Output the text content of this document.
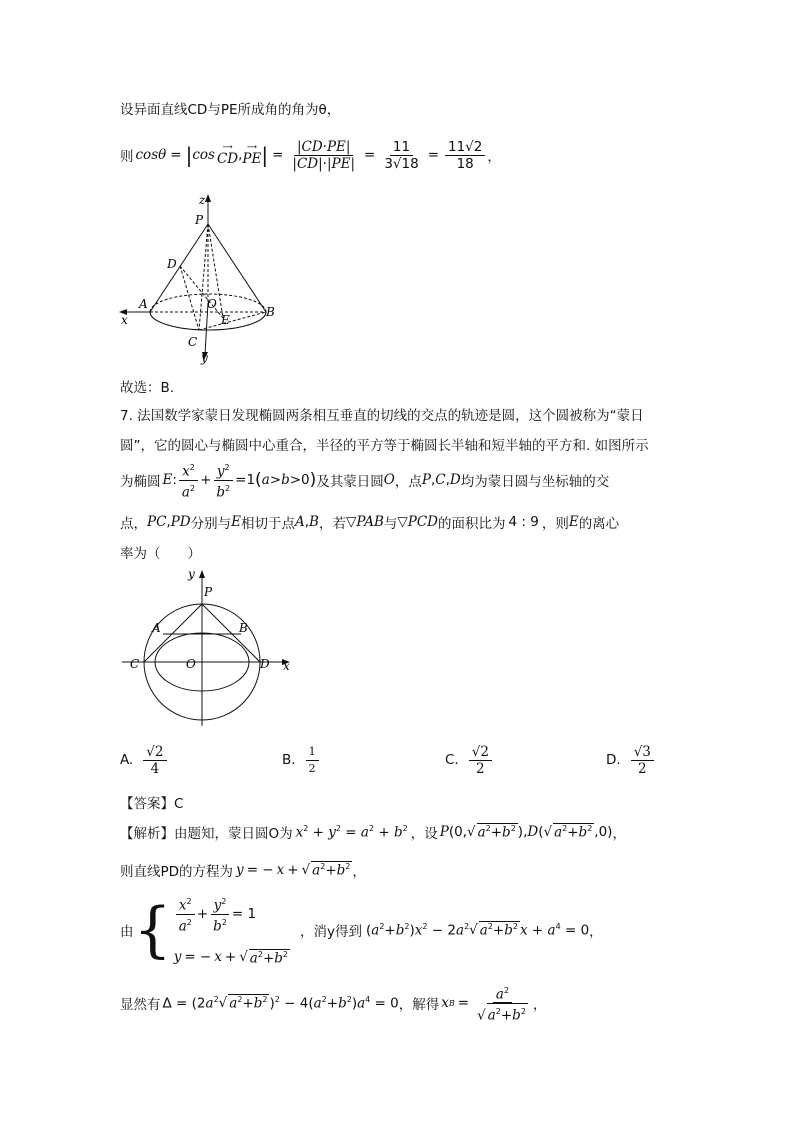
设异面直线CD与PE所成角的角为θ，
则 cos θ = | cos
⟶
CD ,
⟶
PE | = $\frac{|CD\cdot PE|}{|CD|\cdot|PE|} = \frac{11}{3√18} = \frac{11√2}{18}$ ，
z
P
D
A	O
E
B
x
C
y
故选：B.
7. 法国数学家蒙日发现椭圆两条相互垂直的切线的交点的轨迹是圆，这个圆被称为“蒙日
圆”，它的圆心与椭圆中心重合，半径的平方等于椭圆长半轴和短半轴的平方和. 如图所示
为椭圆 E : $\frac{x^2}{a^2} + \frac{y^2}{b^2} =1$ ( a > b >0 ) 及其蒙日圆 O ，点 P , C , D 均为蒙日圆与坐标轴的交
点， PC , PD 分别与 E 相切于点 A , B ，若 ▽ PAB 与 ▽ PCD 的面积比为 4 : 9 ，则 E 的离心
率为（　　）
y
P
A	B
C	O	D x
A. $\frac{√2}{4}$	B. $\frac{1}{2}$	C. $\frac{√2}{2}$	D. $\frac{√3}{2}$
【答案】C
【解析】 由题知，蒙日圆O为 $x^2 + y^2 = a^2 + b^2$ ，设 P (0, √ $a^2+b^2$ ), D ( √ $a^2+b^2$ ,0) ，
则直线PD的方程为 y = − x + √ $a^2+b^2$ ，
由 { $\frac{x^2}{a^2} + \frac{y^2}{b^2} = 1$
y = − x + √ $a^2+b^2$
，消y得到 $(a^2+b^2)x^2 - 2a^2$ √ $a^2+b^2$ $x + a^4 = 0$ ，
显然有 $\Delta = (2a^2$ √ $a^2+b^2$ )$^2 - 4(a^2+b^2)a^4 = 0$ ，解得 x $B = \frac{a^2}{√ a^2+b^2}$ ，
